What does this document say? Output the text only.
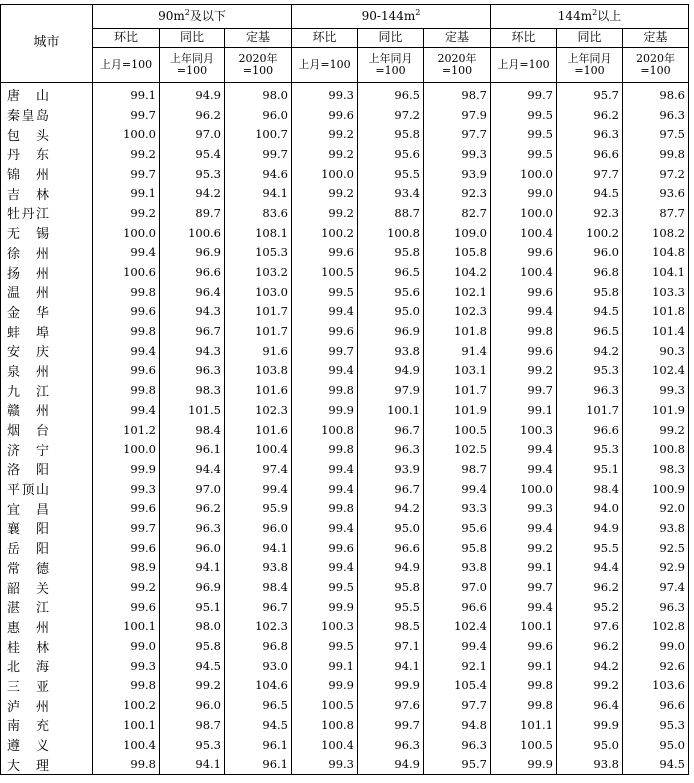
城市	$90m^2$及以下			$90-144m^2$			$144m^2$以上		
	环比	同比	定基	环比	同比	定基	环比	同比	定基
	上月=100	上年同月=100	2020年=100	上月=100	上年同月=100	2020年=100	上月=100	上年同月=100	2020年=100

唐 山	99.1	94.9	98.0	99.3	96.5	98.7	99.7	95.7	98.6

秦 皇 岛	99.7	96.2	96.0	99.6	97.2	97.9	99.5	96.2	96.3

包 头	100.0	97.0	100.7	99.2	95.8	97.7	99.5	96.3	97.5

丹 东	99.2	95.4	99.7	99.2	95.6	99.3	99.5	96.6	99.8

锦 州	99.7	95.3	94.6	100.0	95.5	93.9	100.0	97.7	97.2

吉 林	99.1	94.2	94.1	99.2	93.4	92.3	99.0	94.5	93.6

牡 丹 江	99.2	89.7	83.6	99.2	88.7	82.7	100.0	92.3	87.7

无 锡	100.0	100.6	108.1	100.2	100.8	109.0	100.4	100.2	108.2

徐 州	99.4	96.9	105.3	99.6	95.8	105.8	99.6	96.0	104.8

扬 州	100.6	96.6	103.2	100.5	96.5	104.2	100.4	96.8	104.1

温 州	99.8	96.4	103.0	99.5	95.6	102.1	99.6	95.8	103.3

金 华	99.6	94.3	101.7	99.4	95.0	102.3	99.4	94.5	101.8

蚌 埠	99.8	96.7	101.7	99.6	96.9	101.8	99.8	96.5	101.4

安 庆	99.4	94.3	91.6	99.7	93.8	91.4	99.6	94.2	90.3

泉 州	99.6	96.3	103.8	99.4	94.9	103.1	99.2	95.3	102.4

九 江	99.8	98.3	101.6	99.8	97.9	101.7	99.7	96.3	99.3

赣 州	99.4	101.5	102.3	99.9	100.1	101.9	99.1	101.7	101.9

烟 台	101.2	98.4	101.6	100.8	96.7	100.5	100.3	96.6	99.2

济 宁	100.0	96.1	100.4	99.8	96.3	102.5	99.4	95.3	100.8

洛 阳	99.9	94.4	97.4	99.4	93.9	98.7	99.4	95.1	98.3

平 顶 山	99.3	97.0	99.4	99.4	96.7	99.4	100.0	98.4	100.9

宜 昌	99.6	96.2	95.9	99.8	94.2	93.3	99.3	94.0	92.0

襄 阳	99.7	96.3	96.0	99.4	95.0	95.6	99.4	94.9	93.8

岳 阳	99.6	96.0	94.1	99.6	96.6	95.8	99.2	95.5	92.5

常 德	98.9	94.1	93.8	99.4	94.9	93.8	99.1	94.4	92.9

韶 关	99.2	96.9	98.4	99.5	95.8	97.0	99.7	96.2	97.4

湛 江	99.6	95.1	96.7	99.9	95.5	96.6	99.4	95.2	96.3

惠 州	100.1	98.0	102.3	100.3	98.5	102.4	100.1	97.6	102.8

桂 林	99.0	95.8	96.8	99.5	97.1	99.4	99.6	96.2	99.0

北 海	99.3	94.5	93.0	99.1	94.1	92.1	99.1	94.2	92.6

三 亚	99.8	99.2	104.6	99.9	99.9	105.4	99.8	99.2	103.6

泸 州	100.2	96.0	96.5	100.5	97.6	97.7	99.8	96.4	96.6

南 充	100.1	98.7	94.5	100.8	99.7	94.8	101.1	99.9	95.3

遵 义	100.4	95.3	96.1	100.4	96.3	96.3	100.5	95.0	95.0

大 理	99.8	94.1	96.1	99.3	94.9	95.7	99.9	93.8	94.5
